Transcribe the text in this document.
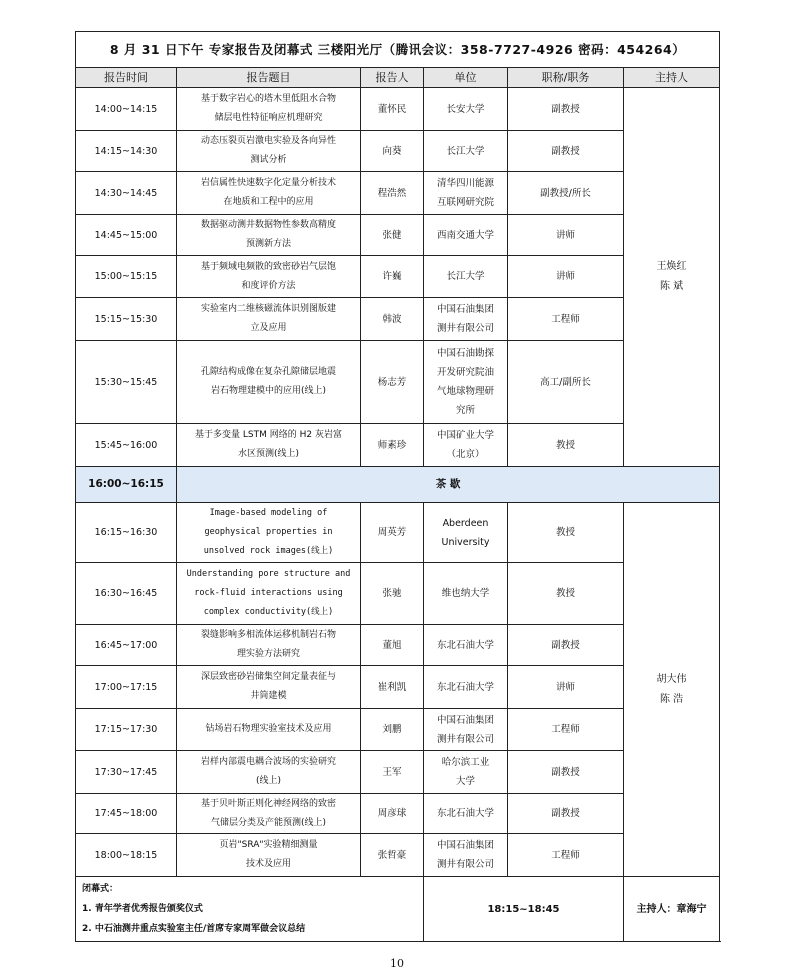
8 月 31 日下午 专家报告及闭幕式 三楼阳光厅（腾讯会议：358-7727-4926 密码：454264）					
报告时间	报告题目	报告人	单位	职称/职务	主持人
14:00~14:15	基于数字岩心的塔木里低阻水合物
储层电性特征响应机理研究	董怀民	长安大学	副教授	王焕红
陈 斌

14:15~14:30	动态压裂页岩激电实验及各向异性
测试分析	向葵	长江大学	副教授	
14:30~14:45	岩信属性快速数字化定量分析技术
在地质和工程中的应用	程浩然	清华四川能源
互联网研究院	副教授/所长	
14:45~15:00	数据驱动测井数据物性参数高精度
预测新方法	张健	西南交通大学	讲师	
15:00~15:15	基于频域电频散的致密砂岩气层饱
和度评价方法	许巍	长江大学	讲师	
15:15~15:30	实验室内二维核磁流体识别图版建
立及应用	韩波	中国石油集团
测井有限公司	工程师	
15:30~15:45	孔隙结构成像在复杂孔隙储层地震
岩石物理建模中的应用(线上)	杨志芳	中国石油勘探
开发研究院油
气地球物理研
究所	高工/副所长	
15:45~16:00	基于多变量 LSTM 网络的 H2 灰岩富
水区预测(线上)	师素珍	中国矿业大学
（北京）	教授	
16:00~16:15	茶 歇				
16:15~16:30	Image-based modeling of
geophysical properties in
unsolved rock images(线上)	周英芳	Aberdeen
University	教授	胡大伟
陈 浩

16:30~16:45	Understanding pore structure and
rock-fluid interactions using
complex conductivity(线上)	张驰	维也纳大学	教授	
16:45~17:00	裂缝影响多相流体运移机制岩石物
理实验方法研究	董旭	东北石油大学	副教授	
17:00~17:15	深层致密砂岩储集空间定量表征与
井筒建模	崔利凯	东北石油大学	讲师	
17:15~17:30	钻场岩石物理实验室技术及应用	刘鹏	中国石油集团
测井有限公司	工程师	
17:30~17:45	岩样内部震电耦合波场的实验研究
(线上)	王军	哈尔滨工业
大学	副教授	
17:45~18:00	基于贝叶斯正则化神经网络的致密
气储层分类及产能预测(线上)	周彦球	东北石油大学	副教授	
18:00~18:15	页岩"SRA"实验精细测量
技术及应用	张哲豪	中国石油集团
测井有限公司	工程师	

闭幕式：
1. 青年学者优秀报告颁奖仪式
2. 中石油测井重点实验室主任/首席专家周军做会议总结			18:15~18:45		主持人：章海宁
10
